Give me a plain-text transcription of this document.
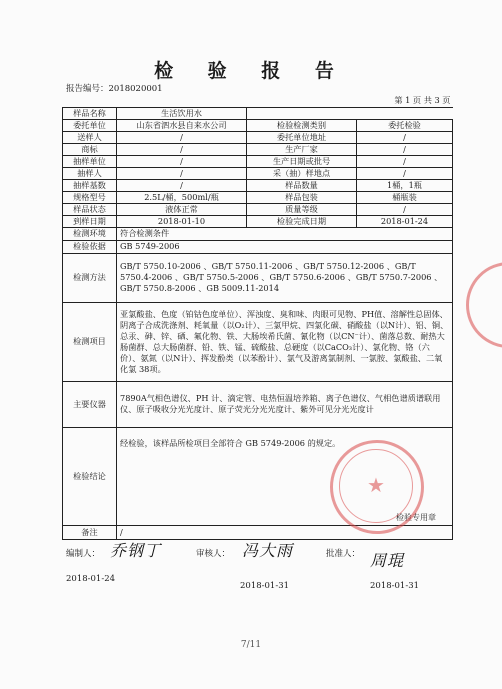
检 验 报 告
报告编号：2018020001
第 1 页 共 3 页			
样品名称	生活饮用水		
委托单位	山东省泗水县自来水公司	检验检测类别	委托检验
送样人	/	委托单位地址	/
商标	/	生产厂家	/
抽样单位	/	生产日期或批号	/
抽样人	/	采（抽）样地点	/
抽样基数	/	样品数量	1桶，1瓶
规格型号	2.5L/桶，500ml/瓶	样品包装	桶瓶装
样品状态	液体正常	质量等级	/
到样日期	2018-01-10	检验完成日期	2018-01-24
检测环境	符合检测条件		
检验依据	GB 5749-2006		
检测方法	GB/T 5750.10-2006 、GB/T 5750.11-2006 、GB/T 5750.12-2006 、GB/T 5750.4-2006 、GB/T 5750.5-2006 、GB/T 5750.6-2006 、GB/T 5750.7-2006 、GB/T 5750.8-2006 、GB 5009.11-2014		
检测项目	亚氯酸盐、色度（铂钴色度单位）、浑浊度、臭和味、肉眼可见物、PH值、溶解性总固体、阴离子合成洗涤剂、耗氧量（以O₂计）、三氯甲烷、四氯化碳、硝酸盐（以N计）、铝、铜、总汞、砷、锌、硒、氟化物、铁、大肠埃希氏菌、氰化物（以CN⁻计）、菌落总数、耐热大肠菌群、总大肠菌群、铅、铁、锰、硫酸盐、总硬度（以CaCO₃计）、氯化物、铬（六价）、氨氮（以N计）、挥发酚类（以苯酚计）、氯气及游离氯制剂、一氯胺、氯酸盐、二氧化氯 38项。		
主要仪器	7890A气相色谱仪、PH 计、滴定管、电热恒温培养箱、离子色谱仪、气相色谱质谱联用仪、原子吸收分光光度计、原子荧光分光光度计、紫外可见分光光度计		
检验结论	经检验，该样品所检项目全部符合 GB 5749-2006 的规定。
检验专用章		

备注	/		
★
编制人： 乔钢丁
2018-01-24
审核人： 冯大雨
2018-01-31
批准人： 周琨
2018-01-31
7/11
